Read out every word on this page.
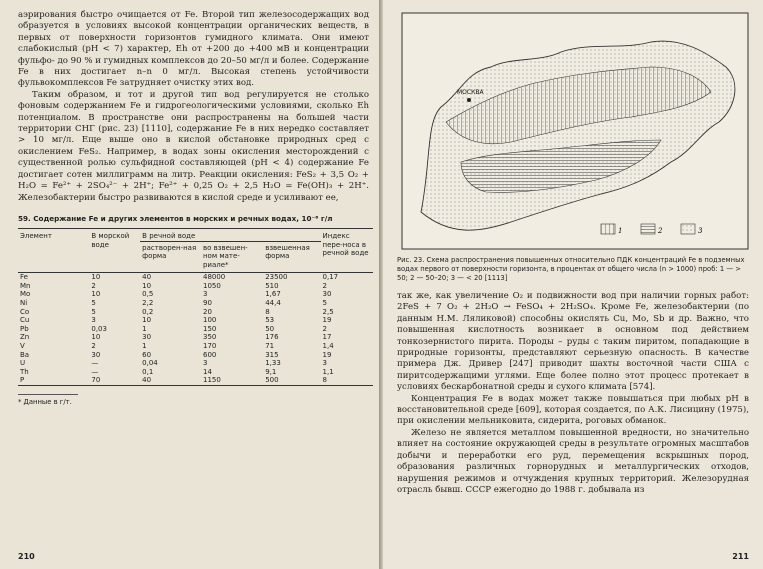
аэрирования быстро очищается от Fe. Второй тип железосодержащих вод образуется в условиях высокой концентрации органических веществ, в первых от поверхности горизонтов гумидного климата. Они имеют слабокислый (pH < 7) характер, Eh от +200 до +400 мВ и концентрации фульфо- до 90 % и гумидных комплексов до 20–50 мг/л и более. Содержание Fe в них достигает n–n 0 мг/л. Высокая степень устойчивости фульвокомплексов Fe затрудняет очистку этих вод.

Таким образом, и тот и другой тип вод регулируется не столько фоновым содержанием Fe и гидрогеологическими условиями, сколько Eh потенциалом. В пространстве они распространены на большей части территории СНГ (рис. 23) [1110], содержание Fe в них нередко составляет > 10 мг/л. Еще выше оно в кислой обстановке природных сред с окислением FeS₂. Например, в водах зоны окисления месторождений с существенной ролью сульфидной составляющей (pH < 4) содержание Fe достигает сотен миллиграмм на литр. Реакции окисления: FeS₂ + 3,5 O₂ + H₂O = Fe²⁺ + 2SO₄²⁻ + 2H⁺; Fe²⁺ + 0,25 O₂ + 2,5 H₂O = Fe(OH)₃ + 2H⁺. Железобактерии быстро развиваются в кислой среде и усиливают ее,

59. Содержание Fe и других элементов в морских и речных водах, 10⁻⁶ г/л
Элемент	В морской воде	В речной воде			Индекс пере-носа в речной воде
		растворен-ная форма	во взвешен-ном мате-риале*	взвешенная форма	
Fe	10	40	48000	23500	0,17
Mn	2	10	1050	510	2
Mo	10	0,5	3	1,67	30
Ni	5	2,2	90	44,4	5
Co	5	0,2	20	8	2,5
Cu	3	10	100	53	19
Pb	0,03	1	150	50	2
Zn	10	30	350	176	17
V	2	1	170	71	1,4
Ba	30	60	600	315	19
U	—	0,04	3	1,33	3
Th	—	0,1	14	9,1	1,1
P	70	40	1150	500	8
* Данные в г/т.
210
МОСКВА
1	2	3
Рис. 23. Схема распространения повышенных относительно ПДК концентраций Fe в подземных водах первого от поверхности горизонта, в процентах от общего числа (n > 1000) проб: 1 — > 50; 2 — 50–20; 3 — < 20 [1113]

так же, как увеличение O₂ и подвижности вод при наличии горных работ: 2FeS + 7 O₂ + 2H₂O → FeSO₄ + 2H₂SO₄. Кроме Fe, железобактерии (по данным Н.М. Ляликовой) способны окислять Cu, Mo, Sb и др. Важно, что повышенная кислотность возникает в основном под действием тонкозернистого пирита. Породы – руды с таким пиритом, попадающие в природные горизонты, представляют серьезную опасность. В качестве примера Дж. Дривер [247] приводит шахты восточной части США с пиритсодержащими углями. Еще более полно этот процесс протекает в условиях бескарбонатной среды и сухого климата [574].

Концентрация Fe в водах может также повышаться при любых pH в восстановительной среде [609], которая создается, по А.К. Лисицину (1975), при окислении мельниковита, сидерита, роговых обманок.

Железо не является металлом повышенной вредности, но значительно влияет на состояние окружающей среды в результате огромных масштабов добычи и переработки его руд, перемещения вскрышных пород, образования различных горнорудных и металлургических отходов, нарушения режимов и отчуждения крупных территорий. Железорудная отрасль бывш. СССР ежегодно до 1988 г. добывала из

211
